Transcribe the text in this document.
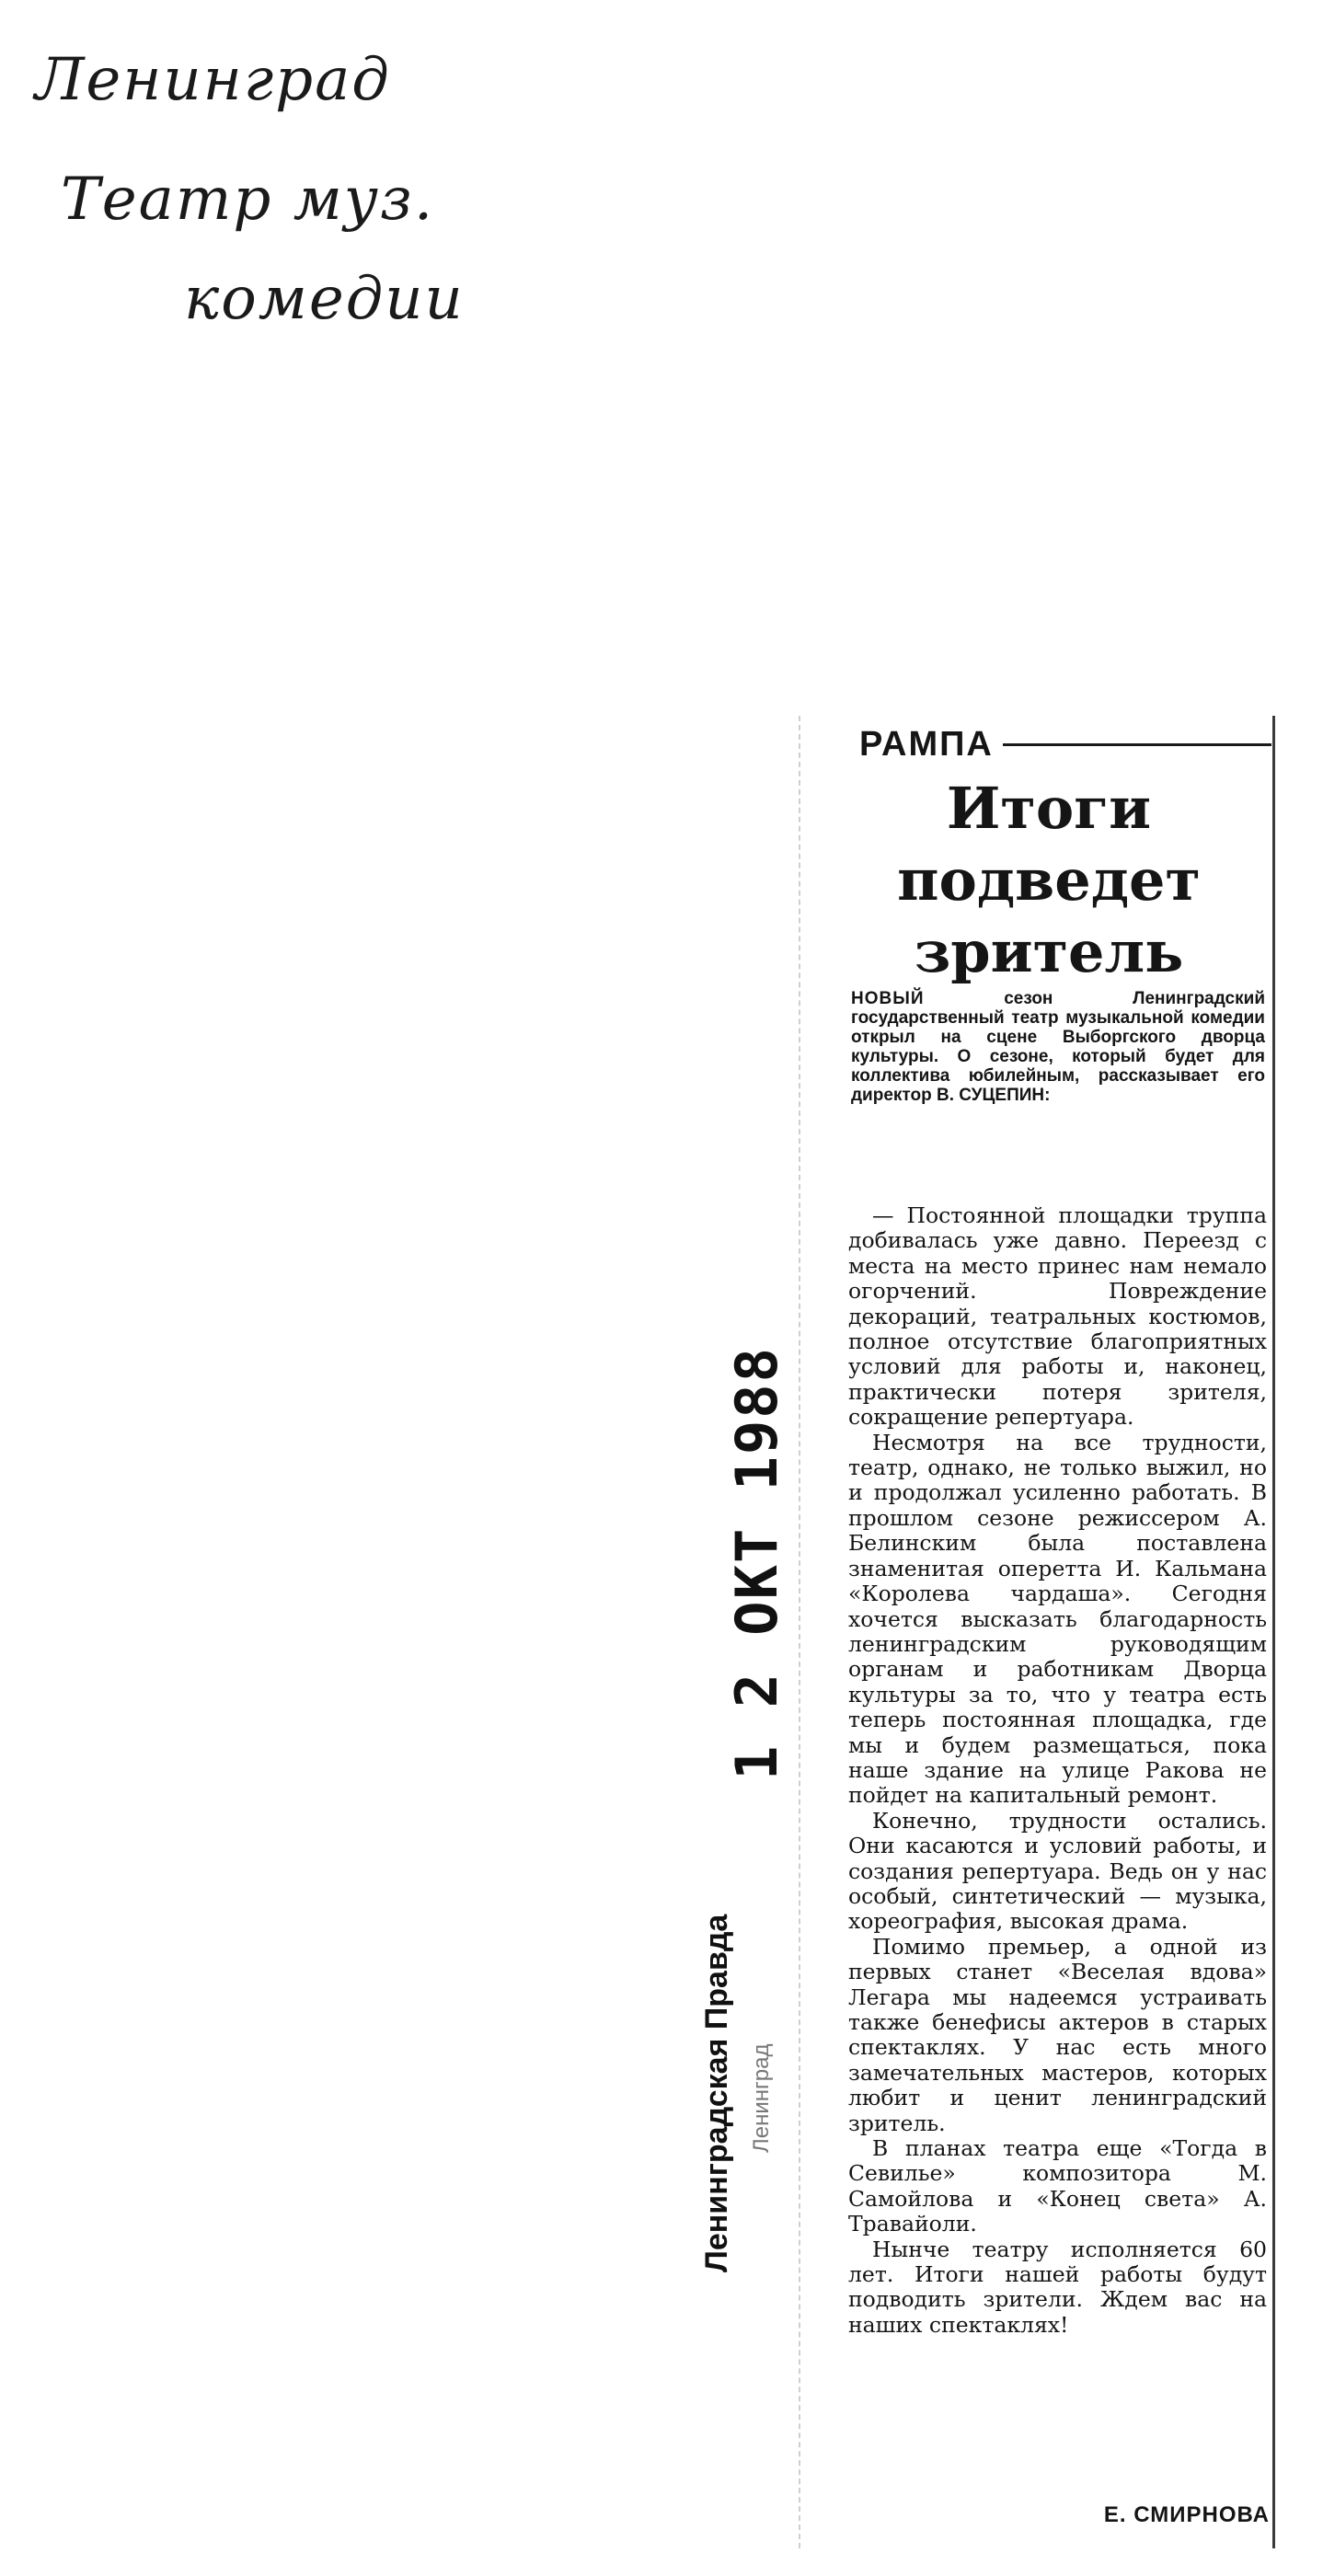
Ленинград
Театр муз.
комедии
1 2 ОКТ 1988
Ленинградская Правда Ленинград
РАМПА
Итоги
подведет
зритель

НОВЫЙ	сезон Ленинградский государственный театр музыкальной комедии открыл на сцене Выборгского дворца культуры. О сезоне, который будет для коллектива юбилейным, рассказывает его директор В. СУЦЕПИН:

— Постоянной площадки труппа добивалась уже давно. Переезд с места на место принес нам немало огорчений. Повреждение декораций, театральных костюмов, полное отсутствие благоприятных условий для работы и, наконец, практически потеря зрителя, сокращение репертуара.

Несмотря на все трудности, театр, однако, не только выжил, но и продолжал усиленно работать. В прошлом сезоне режиссером А. Белинским была поставлена знаменитая оперетта И. Кальмана «Королева чардаша». Сегодня хочется высказать благодарность ленинградским руководящим органам и работникам Дворца культуры за то, что у театра есть теперь постоянная площадка, где мы и будем размещаться, пока наше здание на улице Ракова не пойдет на капитальный ремонт.

Конечно, трудности остались. Они касаются и условий работы, и создания репертуара. Ведь он у нас особый, синтетический — музыка, хореография, высокая драма.

Помимо премьер, а одной из первых станет «Веселая вдова» Легара мы надеемся устраивать также бенефисы актеров в старых спектаклях. У нас есть много замечательных мастеров, которых любит и ценит ленинградский зритель.

В планах театра еще «Тогда в Севилье» композитора М. Самойлова и «Конец света» А. Травайоли.

Нынче театру исполняется 60 лет. Итоги нашей работы будут подводить зрители. Ждем вас на наших спектаклях!

Е. СМИРНОВА
